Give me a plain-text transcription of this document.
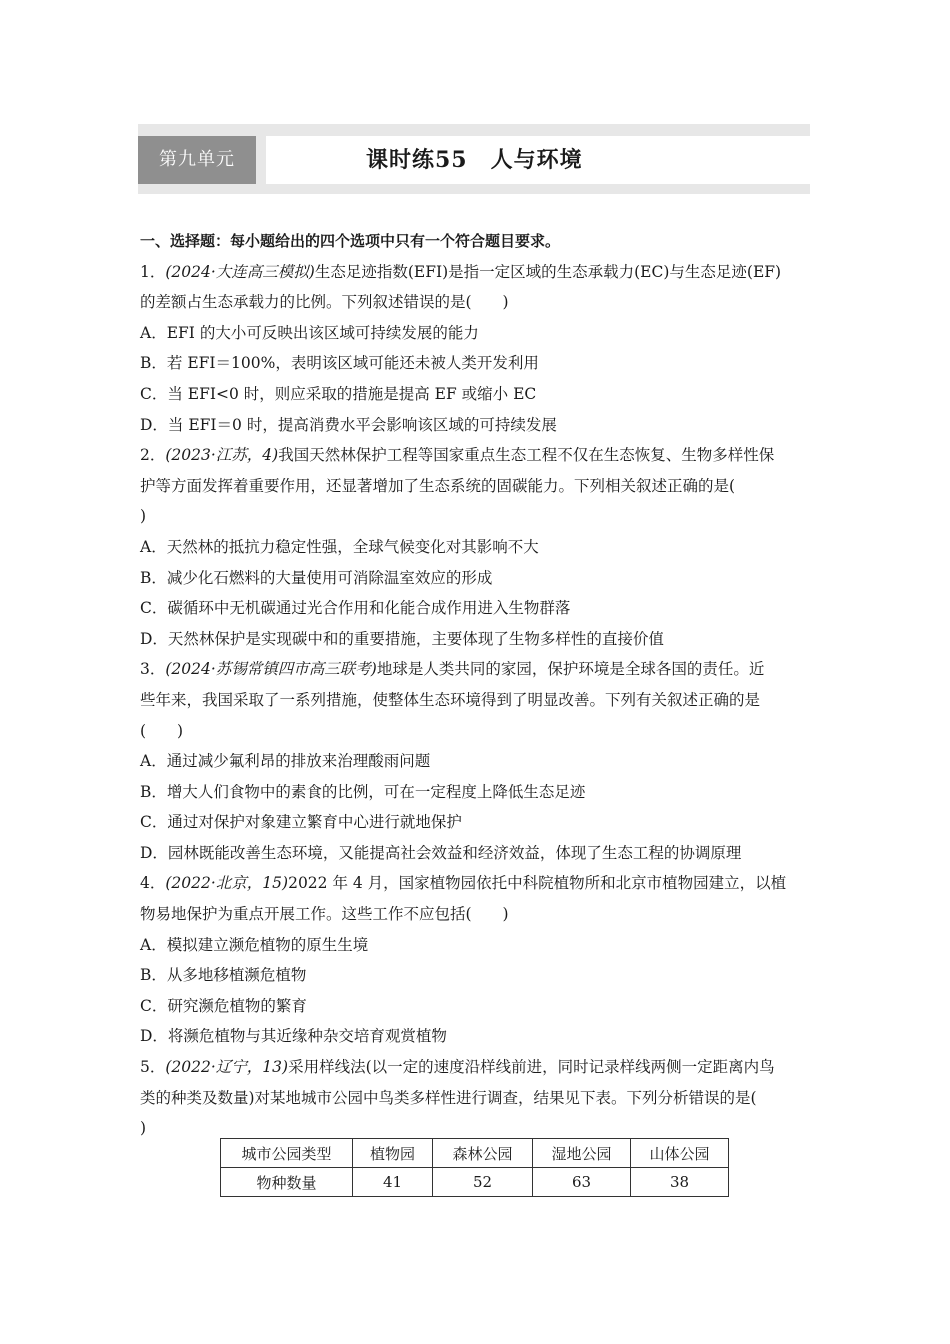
第九单元	课时练55　人与环境

一、选择题：每小题给出的四个选项中只有一个符合题目要求。

1．(2024·大连高三模拟)生态足迹指数(EFI)是指一定区域的生态承载力(EC)与生态足迹(EF)

的差额占生态承载力的比例。下列叙述错误的是(　　)

A．EFI 的大小可反映出该区域可持续发展的能力

B．若 EFI＝100%，表明该区域可能还未被人类开发利用

C．当 EFI<0 时，则应采取的措施是提高 EF 或缩小 EC

D．当 EFI＝0 时，提高消费水平会影响该区域的可持续发展

2．(2023·江苏，4)我国天然林保护工程等国家重点生态工程不仅在生态恢复、生物多样性保

护等方面发挥着重要作用，还显著增加了生态系统的固碳能力。下列相关叙述正确的是(

)

A．天然林的抵抗力稳定性强，全球气候变化对其影响不大

B．减少化石燃料的大量使用可消除温室效应的形成

C．碳循环中无机碳通过光合作用和化能合成作用进入生物群落

D．天然林保护是实现碳中和的重要措施，主要体现了生物多样性的直接价值

3．(2024·苏锡常镇四市高三联考)地球是人类共同的家园，保护环境是全球各国的责任。近

些年来，我国采取了一系列措施，使整体生态环境得到了明显改善。下列有关叙述正确的是

(　　)

A．通过减少氟利昂的排放来治理酸雨问题

B．增大人们食物中的素食的比例，可在一定程度上降低生态足迹

C．通过对保护对象建立繁育中心进行就地保护

D．园林既能改善生态环境，又能提高社会效益和经济效益，体现了生态工程的协调原理

4．(2022·北京，15)2022 年 4 月，国家植物园依托中科院植物所和北京市植物园建立，以植

物易地保护为重点开展工作。这些工作不应包括(　　)

A．模拟建立濒危植物的原生生境

B．从多地移植濒危植物

C．研究濒危植物的繁育

D．将濒危植物与其近缘种杂交培育观赏植物

5．(2022·辽宁，13)采用样线法(以一定的速度沿样线前进，同时记录样线两侧一定距离内鸟

类的种类及数量)对某地城市公园中鸟类多样性进行调查，结果见下表。下列分析错误的是(

)

城市公园类型	植物园	森林公园	湿地公园	山体公园
物种数量	41	52	63	38
